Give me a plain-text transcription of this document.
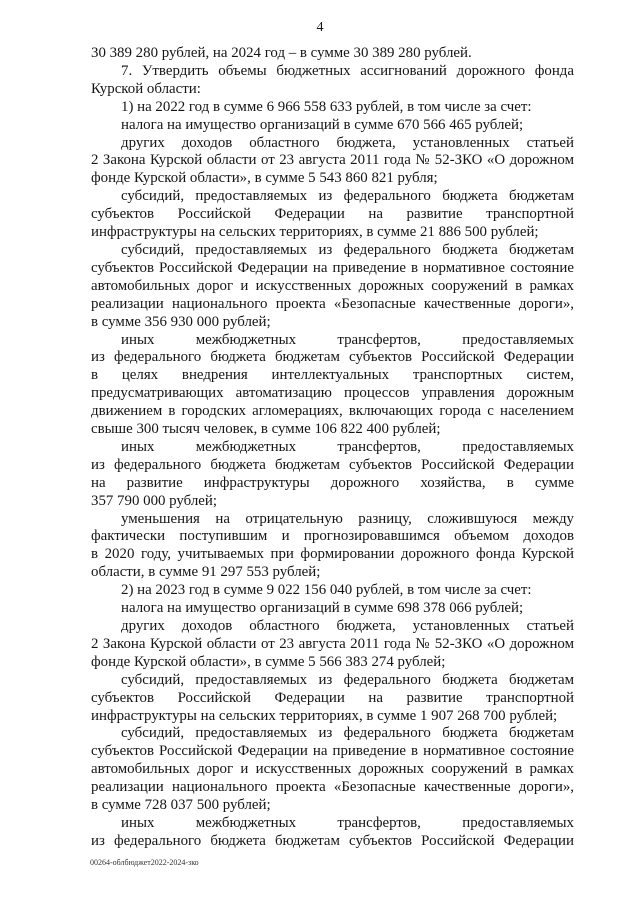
4

30 389 280 рублей, на 2024 год – в сумме 30 389 280 рублей.

7. Утвердить объемы бюджетных ассигнований дорожного фонда

Курской области:

1) на 2022 год в сумме 6 966 558 633 рублей, в том числе за счет:

налога на имущество организаций в сумме 670 566 465 рублей;

других доходов областного бюджета, установленных статьей

2 Закона Курской области от 23 августа 2011 года № 52-ЗКО «О дорожном

фонде Курской области», в сумме 5 543 860 821 рубля;

субсидий, предоставляемых из федерального бюджета бюджетам

субъектов Российской Федерации на развитие транспортной

инфраструктуры на сельских территориях, в сумме 21 886 500 рублей;

субсидий, предоставляемых из федерального бюджета бюджетам

субъектов Российской Федерации на приведение в нормативное состояние

автомобильных дорог и искусственных дорожных сооружений в рамках

реализации национального проекта «Безопасные качественные дороги»,

в сумме 356 930 000 рублей;

иных межбюджетных трансфертов, предоставляемых

из федерального бюджета бюджетам субъектов Российской Федерации

в целях внедрения интеллектуальных транспортных систем,

предусматривающих автоматизацию процессов управления дорожным

движением в городских агломерациях, включающих города с населением

свыше 300 тысяч человек, в сумме 106 822 400 рублей;

иных межбюджетных трансфертов, предоставляемых

из федерального бюджета бюджетам субъектов Российской Федерации

на развитие инфраструктуры дорожного хозяйства, в сумме

357 790 000 рублей;

уменьшения на отрицательную разницу, сложившуюся между

фактически поступившим и прогнозировавшимся объемом доходов

в 2020 году, учитываемых при формировании дорожного фонда Курской

области, в сумме 91 297 553 рублей;

2) на 2023 год в сумме 9 022 156 040 рублей, в том числе за счет:

налога на имущество организаций в сумме 698 378 066 рублей;

других доходов областного бюджета, установленных статьей

2 Закона Курской области от 23 августа 2011 года № 52-ЗКО «О дорожном

фонде Курской области», в сумме 5 566 383 274 рублей;

субсидий, предоставляемых из федерального бюджета бюджетам

субъектов Российской Федерации на развитие транспортной

инфраструктуры на сельских территориях, в сумме 1 907 268 700 рублей;

субсидий, предоставляемых из федерального бюджета бюджетам

субъектов Российской Федерации на приведение в нормативное состояние

автомобильных дорог и искусственных дорожных сооружений в рамках

реализации национального проекта «Безопасные качественные дороги»,

в сумме 728 037 500 рублей;

иных межбюджетных трансфертов, предоставляемых

из федерального бюджета бюджетам субъектов Российской Федерации

00264-облбюджет2022-2024-зко
